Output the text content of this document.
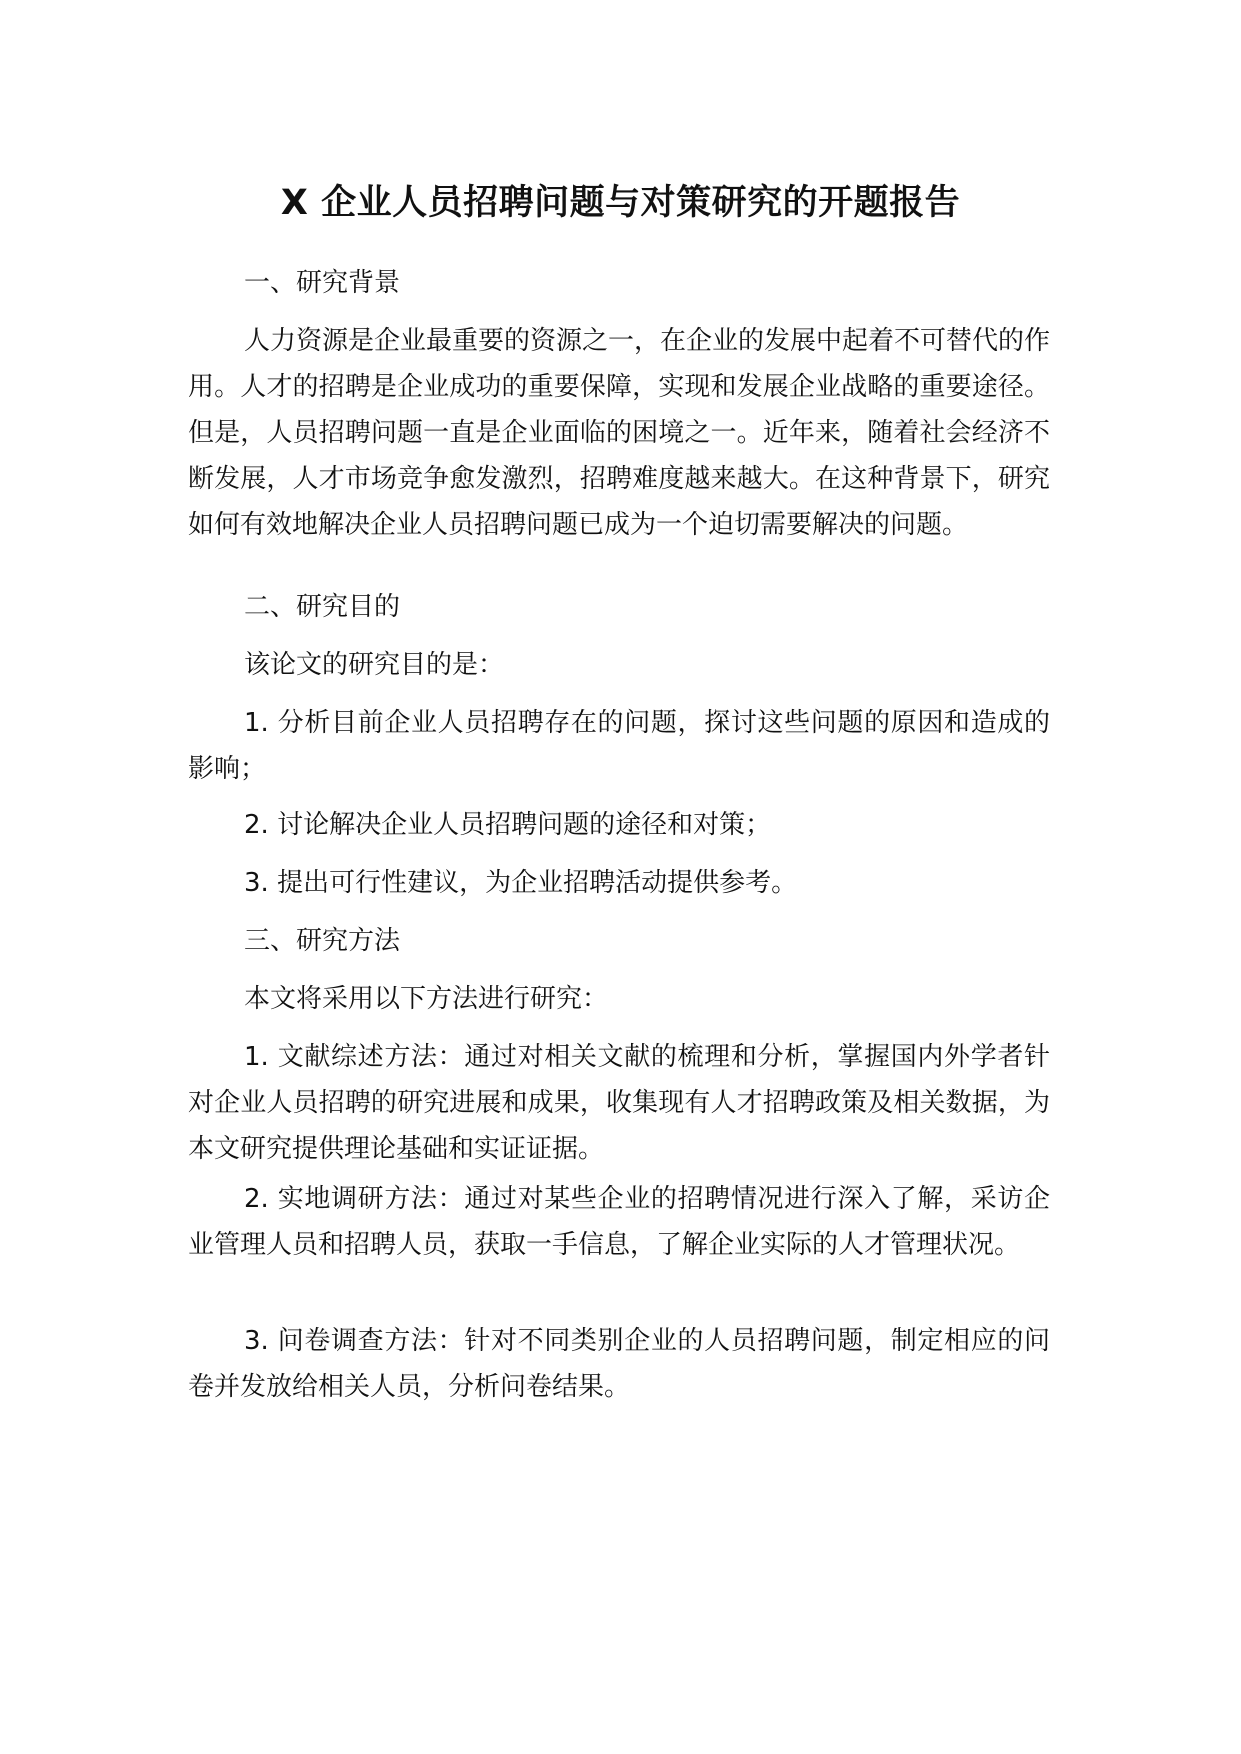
X 企业人员招聘问题与对策研究的开题报告
一、研究背景
人力资源是企业最重要的资源之一，在企业的发展中起着不可替代的作用。人才的招聘是企业成功的重要保障，实现和发展企业战略的重要途径。但是，人员招聘问题一直是企业面临的困境之一。近年来，随着社会经济不断发展，人才市场竞争愈发激烈，招聘难度越来越大。在这种背景下，研究如何有效地解决企业人员招聘问题已成为一个迫切需要解决的问题。
二、研究目的
该论文的研究目的是：
1. 分析目前企业人员招聘存在的问题，探讨这些问题的原因和造成的影响；
2. 讨论解决企业人员招聘问题的途径和对策；
3. 提出可行性建议，为企业招聘活动提供参考。
三、研究方法
本文将采用以下方法进行研究：
1. 文献综述方法：通过对相关文献的梳理和分析，掌握国内外学者针对企业人员招聘的研究进展和成果，收集现有人才招聘政策及相关数据，为本文研究提供理论基础和实证证据。
2. 实地调研方法：通过对某些企业的招聘情况进行深入了解，采访企业管理人员和招聘人员，获取一手信息，了解企业实际的人才管理状况。
3. 问卷调查方法：针对不同类别企业的人员招聘问题，制定相应的问卷并发放给相关人员，分析问卷结果。
